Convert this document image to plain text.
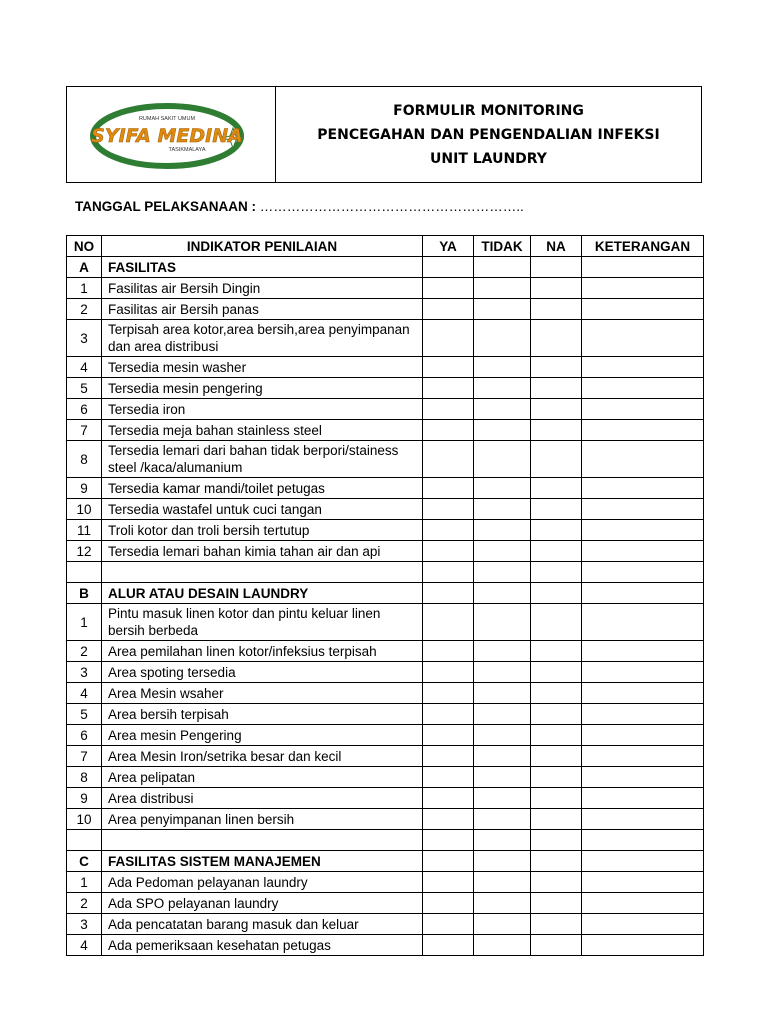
RUMAH SAKIT UMUM
SYIFA MEDINA
TASIKMALAYA
FORMULIR MONITORING
PENCEGAHAN DAN PENGENDALIAN INFEKSI
UNIT LAUNDRY
TANGGAL PELAKSANAAN : …………………………………………………..
NO	INDIKATOR PENILAIAN	YA	TIDAK	NA	KETERANGAN
A	FASILITAS				
1	Fasilitas air Bersih Dingin				
2	Fasilitas air Bersih panas				
3	Terpisah area kotor,area bersih,area penyimpanan dan area distribusi				
4	Tersedia mesin washer				
5	Tersedia mesin pengering				
6	Tersedia iron				
7	Tersedia meja bahan stainless steel				
8	Tersedia lemari dari bahan tidak berpori/stainess steel /kaca/alumanium				
9	Tersedia kamar mandi/toilet petugas				
10	Tersedia wastafel untuk cuci tangan				
11	Troli kotor dan troli bersih tertutup				
12	Tersedia lemari bahan kimia tahan air dan api				

B	ALUR ATAU DESAIN LAUNDRY				
1	Pintu masuk linen kotor dan pintu keluar linen bersih berbeda				
2	Area pemilahan linen kotor/infeksius terpisah				
3	Area spoting tersedia				
4	Area Mesin wsaher				
5	Area bersih terpisah				
6	Area mesin Pengering				
7	Area Mesin Iron/setrika besar dan kecil				
8	Area pelipatan				
9	Area distribusi				
10	Area penyimpanan linen bersih				

C	FASILITAS SISTEM MANAJEMEN				
1	Ada Pedoman pelayanan laundry				
2	Ada SPO pelayanan laundry				
3	Ada pencatatan barang masuk dan keluar				
4	Ada pemeriksaan kesehatan petugas				
